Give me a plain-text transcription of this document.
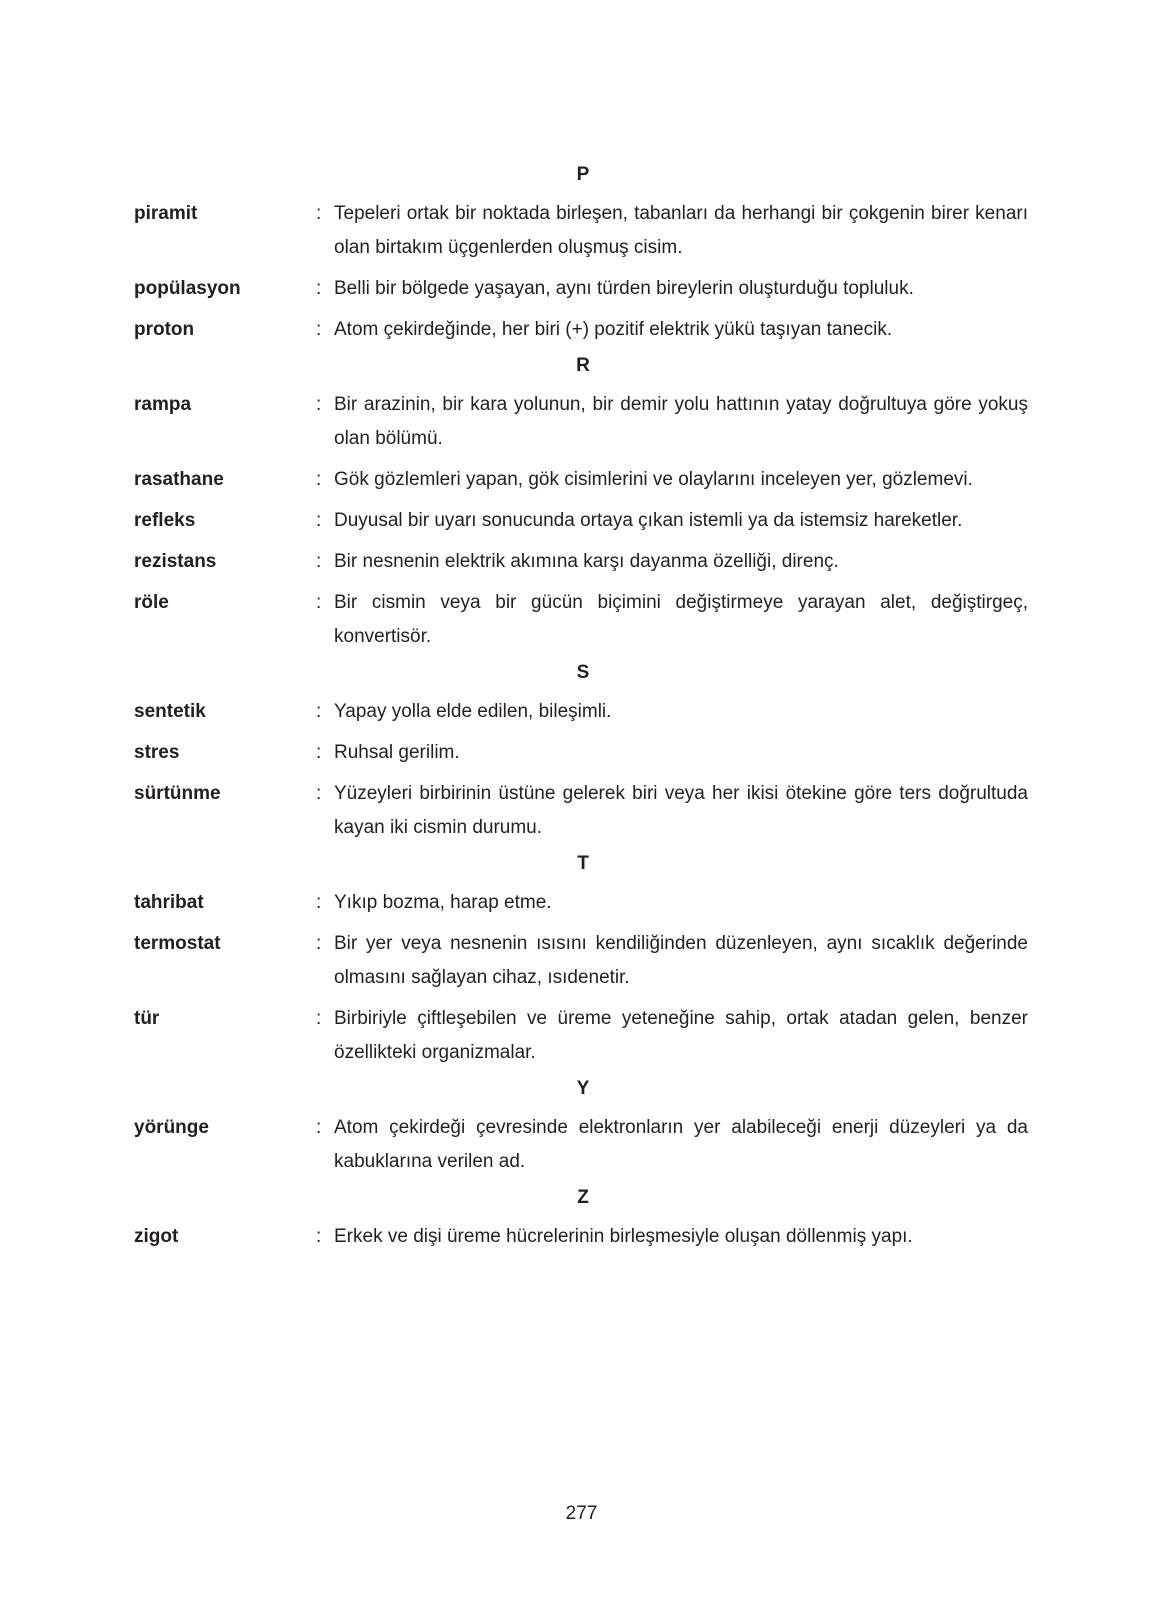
P
piramit	: Tepeleri ortak bir noktada birleşen, tabanları da herhangi bir çokgenin birer kenarı olan birtakım üçgenlerden oluşmuş cisim.
popülasyon	: Belli bir bölgede yaşayan, aynı türden bireylerin oluşturduğu topluluk.
proton	: Atom çekirdeğinde, her biri (+) pozitif elektrik yükü taşıyan tanecik.
R
rampa	: Bir arazinin, bir kara yolunun, bir demir yolu hattının yatay doğrultuya göre yokuş olan bölümü.
rasathane	: Gök gözlemleri yapan, gök cisimlerini ve olaylarını inceleyen yer, gözlemevi.
refleks	: Duyusal bir uyarı sonucunda ortaya çıkan istemli ya da istemsiz hareketler.
rezistans	: Bir nesnenin elektrik akımına karşı dayanma özelliği, direnç.
röle	: Bir cismin veya bir gücün biçimini değiştirmeye yarayan alet, değiştirgeç, konvertisör.
S
sentetik	: Yapay yolla elde edilen, bileşimli.
stres	: Ruhsal gerilim.
sürtünme	: Yüzeyleri birbirinin üstüne gelerek biri veya her ikisi ötekine göre ters doğrultuda kayan iki cismin durumu.
T
tahribat	: Yıkıp bozma, harap etme.
termostat	: Bir yer veya nesnenin ısısını kendiliğinden düzenleyen, aynı sıcaklık değerinde olmasını sağlayan cihaz, ısıdenetir.
tür	: Birbiriyle çiftleşebilen ve üreme yeteneğine sahip, ortak atadan gelen, benzer özellikteki organizmalar.
Y
yörünge	: Atom çekirdeği çevresinde elektronların yer alabileceği enerji düzeyleri ya da kabuklarına verilen ad.
Z
zigot	: Erkek ve dişi üreme hücrelerinin birleşmesiyle oluşan döllenmiş yapı.
277
